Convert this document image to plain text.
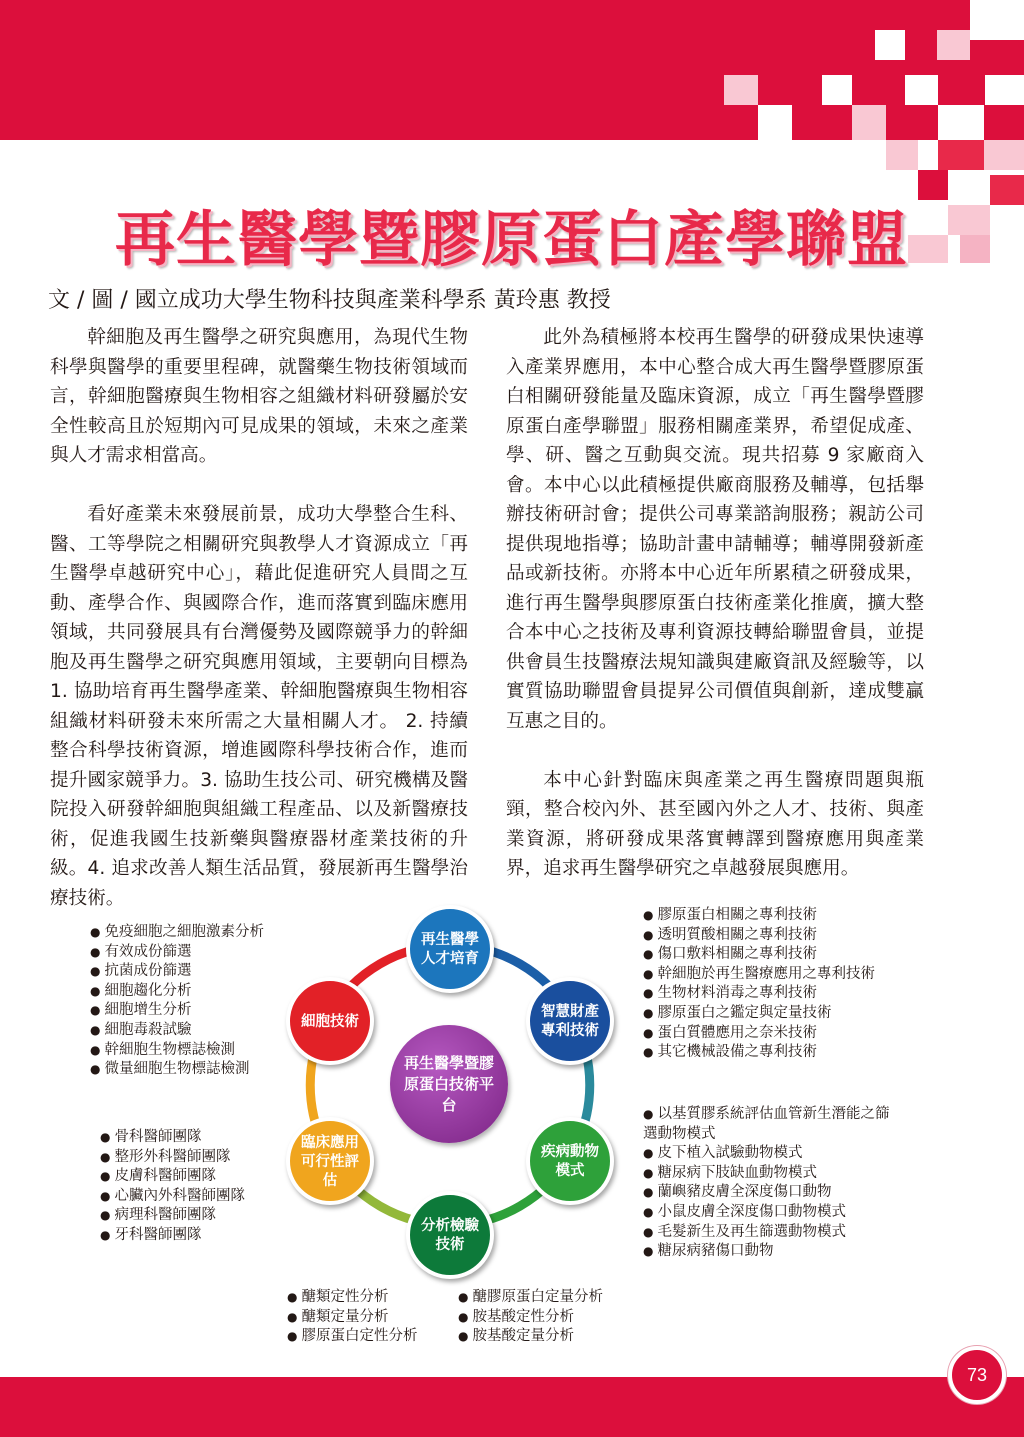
再生醫學暨膠原蛋白產學聯盟
文 / 圖 / 國立成功大學生物科技與產業科學系 黃玲惠 教授

幹細胞及再生醫學之研究與應用，為現代生物科學與醫學的重要里程碑，就醫藥生物技術領域而言，幹細胞醫療與生物相容之組織材料研發屬於安全性較高且於短期內可見成果的領域，未來之產業與人才需求相當高。

看好產業未來發展前景，成功大學整合生科、醫、工等學院之相關研究與教學人才資源成立「再生醫學卓越研究中心」，藉此促進研究人員間之互動、產學合作、與國際合作，進而落實到臨床應用領域，共同發展具有台灣優勢及國際競爭力的幹細胞及再生醫學之研究與應用領域，主要朝向目標為 1. 協助培育再生醫學產業、幹細胞醫療與生物相容組織材料研發未來所需之大量相關人才。 2. 持續整合科學技術資源，增進國際科學技術合作，進而提升國家競爭力。3. 協助生技公司、研究機構及醫院投入研發幹細胞與組織工程產品、以及新醫療技術，促進我國生技新藥與醫療器材產業技術的升級。4. 追求改善人類生活品質，發展新再生醫學治療技術。

此外為積極將本校再生醫學的研發成果快速導入產業界應用，本中心整合成大再生醫學暨膠原蛋白相關研發能量及臨床資源，成立「再生醫學暨膠原蛋白產學聯盟」服務相關產業界，希望促成產、學、研、醫之互動與交流。現共招募 9 家廠商入會。本中心以此積極提供廠商服務及輔導，包括舉辦技術研討會；提供公司專業諮詢服務；親訪公司提供現地指導；協助計畫申請輔導；輔導開發新產品或新技術。亦將本中心近年所累積之研發成果，進行再生醫學與膠原蛋白技術產業化推廣，擴大整合本中心之技術及專利資源技轉給聯盟會員，並提供會員生技醫療法規知識與建廠資訊及經驗等，以實質協助聯盟會員提昇公司價值與創新，達成雙贏互惠之目的。

本中心針對臨床與產業之再生醫療問題與瓶頸，整合校內外、甚至國內外之人才、技術、與產業資源，將研發成果落實轉譯到醫療應用與產業界，追求再生醫學研究之卓越發展與應用。

再生醫學暨膠原蛋白技術平台
再生醫學人才培育
智慧財產專利技術
疾病動物模式
分析檢驗技術
臨床應用可行性評估
細胞技術
● 免疫細胞之細胞激素分析
● 有效成份篩選
● 抗菌成份篩選
● 細胞趨化分析
● 細胞增生分析
● 細胞毒殺試驗
● 幹細胞生物標誌檢測
● 微量細胞生物標誌檢測
● 膠原蛋白相關之專利技術
● 透明質酸相關之專利技術
● 傷口敷料相關之專利技術
● 幹細胞於再生醫療應用之專利技術
● 生物材料消毒之專利技術
● 膠原蛋白之鑑定與定量技術
● 蛋白質體應用之奈米技術
● 其它機械設備之專利技術
● 骨科醫師團隊
● 整形外科醫師團隊
● 皮膚科醫師團隊
● 心臟內外科醫師團隊
● 病理科醫師團隊
● 牙科醫師團隊
● 以基質膠系統評估血管新生潛能之篩選動物模式
● 皮下植入試驗動物模式
● 糖尿病下肢缺血動物模式
● 蘭嶼豬皮膚全深度傷口動物
● 小鼠皮膚全深度傷口動物模式
● 毛髮新生及再生篩選動物模式
● 糖尿病豬傷口動物
● 醣類定性分析
● 醣類定量分析
● 膠原蛋白定性分析
● 醣膠原蛋白定量分析
● 胺基酸定性分析
● 胺基酸定量分析
73
